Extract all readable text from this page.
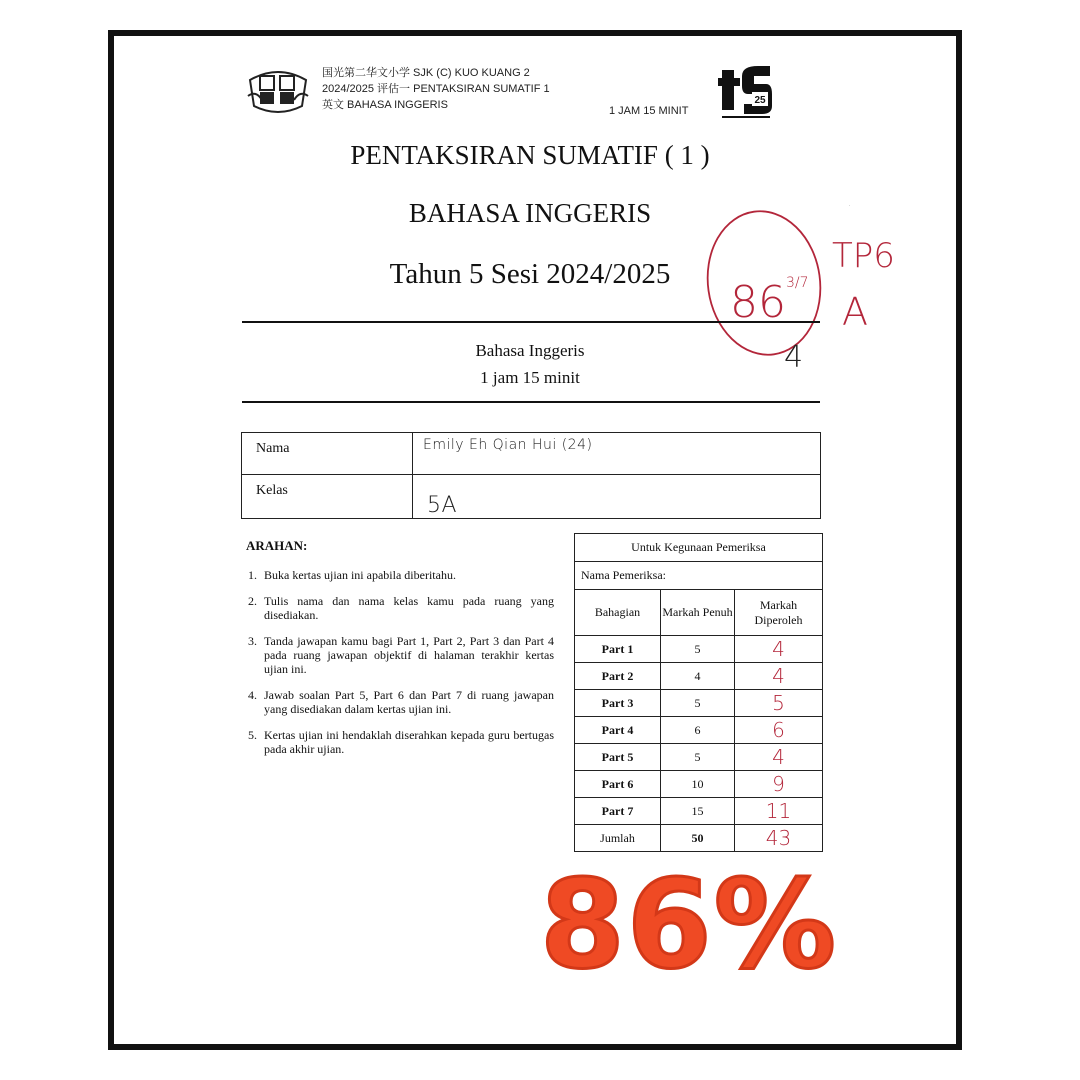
国光第二华文小学 SJK (C) KUO KUANG 2
2024/2025 评估一 PENTAKSIRAN SUMATIF 1
英文 BAHASA INGGERIS	1 JAM 15 MINIT
25
PENTAKSIRAN SUMATIF ( 1 )
BAHASA INGGERIS
Tahun 5 Sesi 2024/2025
86 3/7
TP6
A
4
Bahasa Inggeris
1 jam 15 minit
Nama	Emily Eh Qian Hui (24)
Kelas	5A
ARAHAN:
1. Buka kertas ujian ini apabila diberitahu.
2. Tulis nama dan nama kelas kamu pada ruang yang disediakan.
3. Tanda jawapan kamu bagi Part 1, Part 2, Part 3 dan Part 4 pada ruang jawapan objektif di halaman terakhir kertas ujian ini.
4. Jawab soalan Part 5, Part 6 dan Part 7 di ruang jawapan yang disediakan dalam kertas ujian ini.
5. Kertas ujian ini hendaklah diserahkan kepada guru bertugas pada akhir ujian.
Untuk Kegunaan Pemeriksa		
Nama Pemeriksa:		
Bahagian	Markah Penuh	Markah Diperoleh
Part 1	5	4
Part 2	4	4
Part 3	5	5
Part 4	6	6
Part 5	5	4
Part 6	10	9
Part 7	15	11
Jumlah	50	43
86%
